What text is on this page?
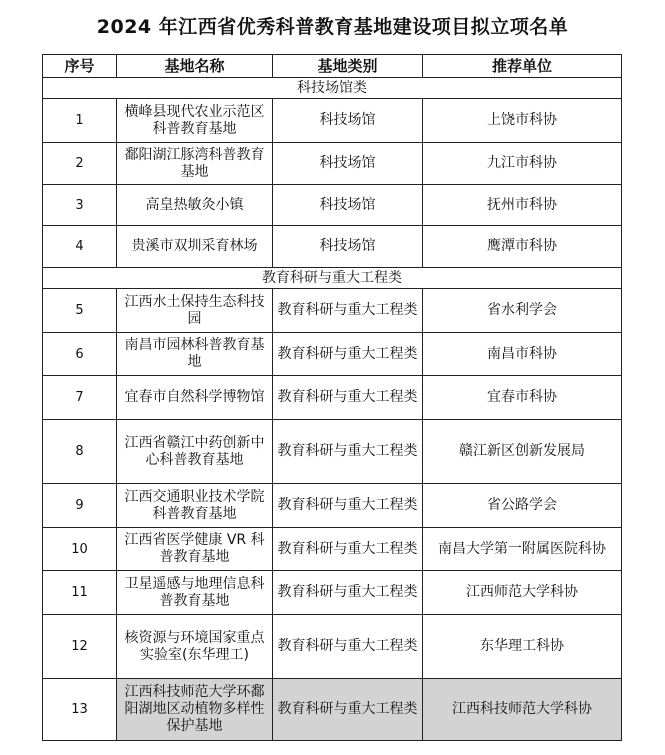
2024 年江西省优秀科普教育基地建设项目拟立项名单
序号	基地名称	基地类别	推荐单位
科技场馆类			
1	横峰县现代农业示范区科普教育基地	科技场馆	上饶市科协
2	鄱阳湖江豚湾科普教育基地	科技场馆	九江市科协
3	高皇热敏灸小镇	科技场馆	抚州市科协
4	贵溪市双圳采育林场	科技场馆	鹰潭市科协
教育科研与重大工程类			
5	江西水土保持生态科技园	教育科研与重大工程类	省水利学会
6	南昌市园林科普教育基地	教育科研与重大工程类	南昌市科协
7	宜春市自然科学博物馆	教育科研与重大工程类	宜春市科协
8	江西省赣江中药创新中心科普教育基地	教育科研与重大工程类	赣江新区创新发展局
9	江西交通职业技术学院科普教育基地	教育科研与重大工程类	省公路学会
10	江西省医学健康 VR 科普教育基地	教育科研与重大工程类	南昌大学第一附属医院科协
11	卫星遥感与地理信息科普教育基地	教育科研与重大工程类	江西师范大学科协
12	核资源与环境国家重点实验室(东华理工)	教育科研与重大工程类	东华理工科协
13	江西科技师范大学环鄱阳湖地区动植物多样性保护基地	教育科研与重大工程类	江西科技师范大学科协
